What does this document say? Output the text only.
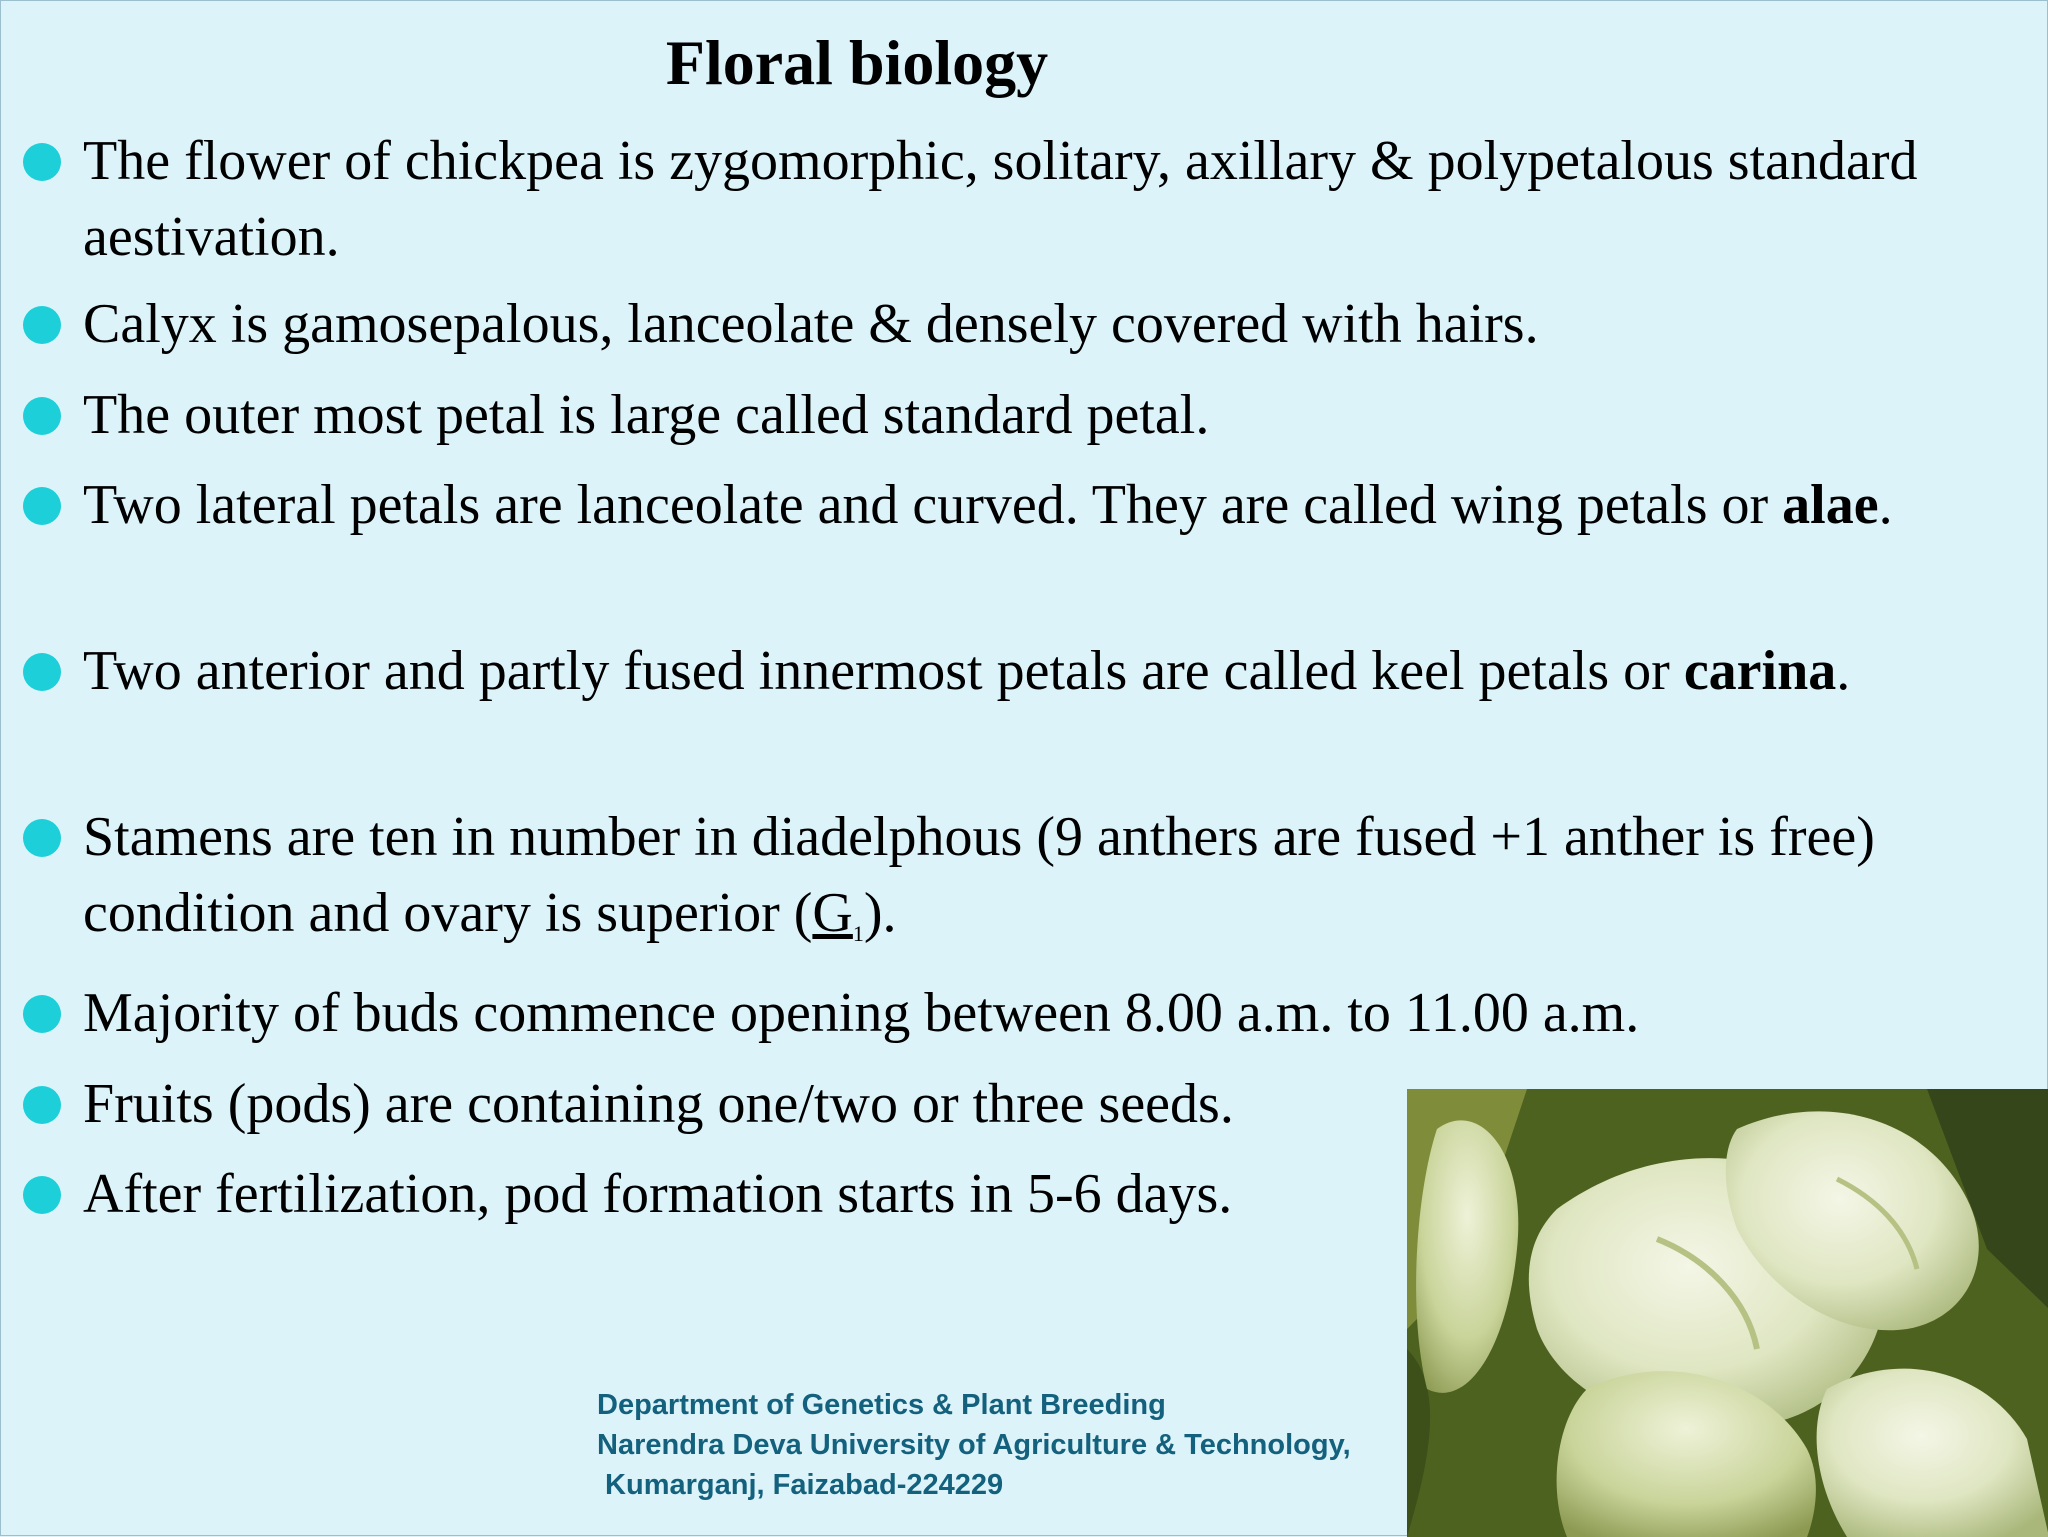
Floral biology
The flower of chickpea is zygomorphic, solitary, axillary & polypetalous standard aestivation.
Calyx is gamosepalous, lanceolate & densely covered with hairs.
The outer most petal is large called standard petal.
Two lateral petals are lanceolate and curved. They are called wing petals or alae.
Two anterior and partly fused innermost petals are called keel petals or carina.
Stamens are ten in number in diadelphous (9 anthers are fused +1 anther is free) condition and ovary is superior $(G_1)$.
Majority of buds commence opening between 8.00 a.m. to 11.00 a.m.
Fruits (pods) are containing one/two or three seeds.
After fertilization, pod formation starts in 5-6 days.
Department of Genetics & Plant Breeding
Narendra Deva University of Agriculture & Technology,
Kumarganj, Faizabad-224229
